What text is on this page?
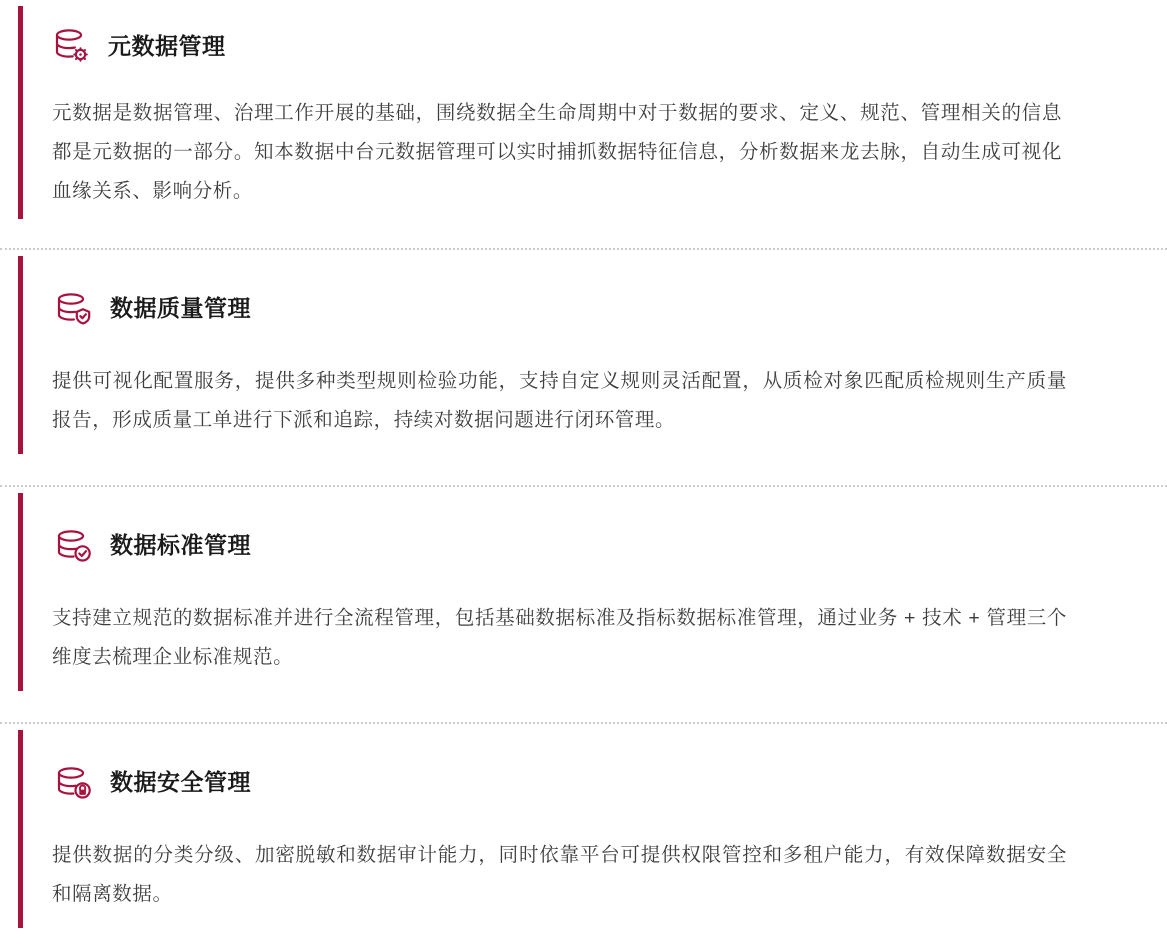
元数据管理

元数据是数据管理、治理工作开展的基础，围绕数据全生命周期中对于数据的要求、定义、规范、管理相关的信息都是元数据的一部分。知本数据中台元数据管理可以实时捕抓数据特征信息，分析数据来龙去脉，自动生成可视化血缘关系、影响分析。

数据质量管理

提供可视化配置服务，提供多种类型规则检验功能，支持自定义规则灵活配置，从质检对象匹配质检规则生产质量报告，形成质量工单进行下派和追踪，持续对数据问题进行闭环管理。

数据标准管理

支持建立规范的数据标准并进行全流程管理，包括基础数据标准及指标数据标准管理，通过业务 + 技术 + 管理三个维度去梳理企业标准规范。

数据安全管理

提供数据的分类分级、加密脱敏和数据审计能力，同时依靠平台可提供权限管控和多租户能力，有效保障数据安全和隔离数据。
